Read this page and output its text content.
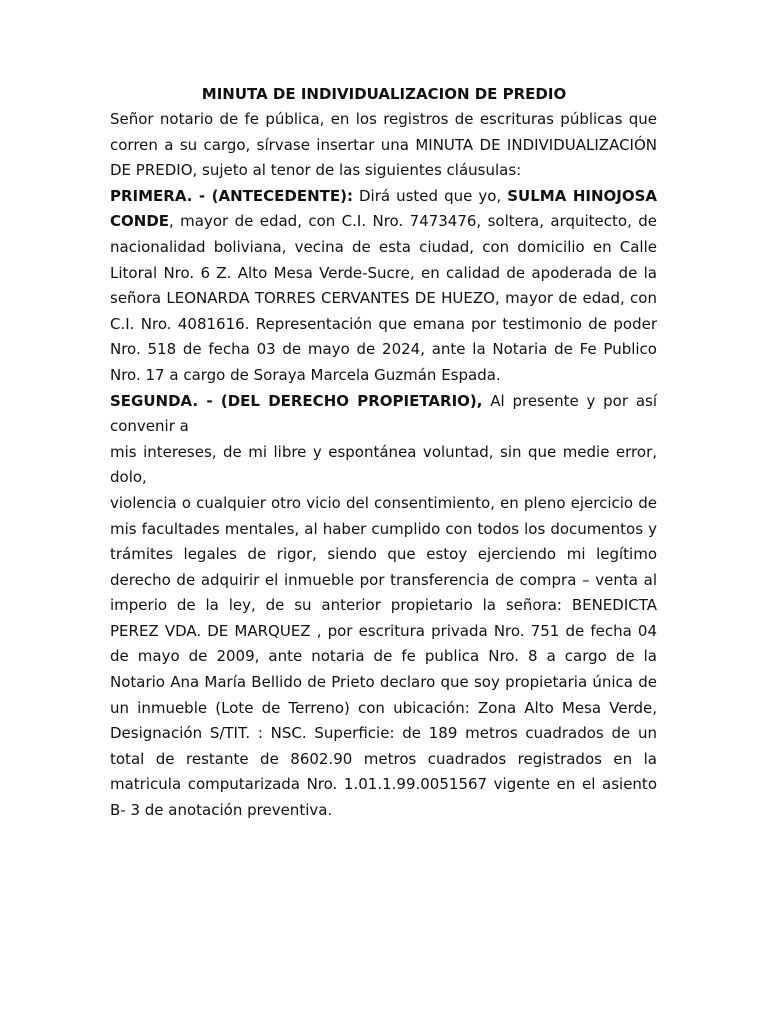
MINUTA DE INDIVIDUALIZACION DE PREDIO

Señor notario de fe pública, en los registros de escrituras públicas que corren a su cargo, sírvase insertar una MINUTA DE INDIVIDUALIZACIÓN DE PREDIO, sujeto al tenor de las siguientes cláusulas:

PRIMERA. - (ANTECEDENTE): Dirá usted que yo, SULMA HINOJOSA CONDE, mayor de edad, con C.I. Nro. 7473476, soltera, arquitecto, de nacionalidad boliviana, vecina de esta ciudad, con domicilio en Calle Litoral Nro. 6 Z. Alto Mesa Verde-Sucre, en calidad de apoderada de la señora LEONARDA TORRES CERVANTES DE HUEZO, mayor de edad, con C.I. Nro. 4081616. Representación que emana por testimonio de poder Nro. 518 de fecha 03 de mayo de 2024, ante la Notaria de Fe Publico Nro. 17 a cargo de Soraya Marcela Guzmán Espada.

SEGUNDA. - (DEL DERECHO PROPIETARIO), Al presente y por así convenir a

mis intereses, de mi libre y espontánea voluntad, sin que medie error, dolo,

violencia o cualquier otro vicio del consentimiento, en pleno ejercicio de mis facultades mentales, al haber cumplido con todos los documentos y trámites legales de rigor, siendo que estoy ejerciendo mi legítimo derecho de adquirir el inmueble por transferencia de compra – venta al imperio de la ley, de su anterior propietario la señora: BENEDICTA PEREZ VDA. DE MARQUEZ , por escritura privada Nro. 751 de fecha 04 de mayo de 2009, ante notaria de fe publica Nro. 8 a cargo de la Notario Ana María Bellido de Prieto declaro que soy propietaria única de un inmueble (Lote de Terreno) con ubicación: Zona Alto Mesa Verde, Designación S/TIT. : NSC. Superficie: de 189 metros cuadrados de un total de restante de 8602.90 metros cuadrados registrados en la matricula computarizada Nro. 1.01.1.99.0051567 vigente en el asiento B- 3 de anotación preventiva.
